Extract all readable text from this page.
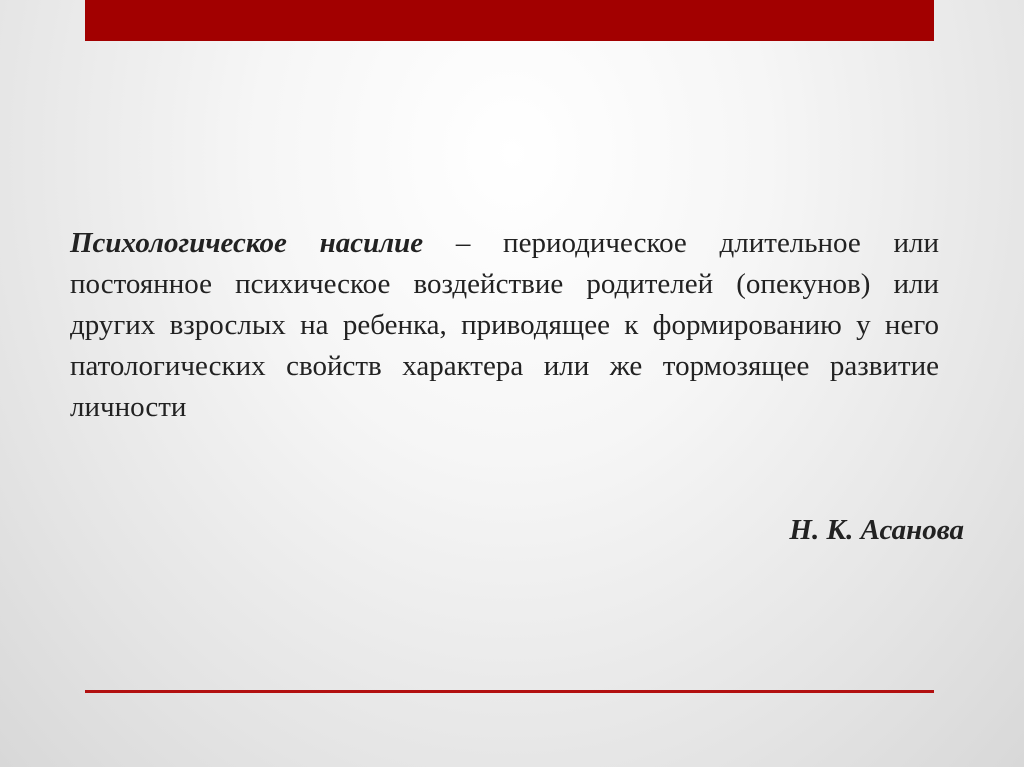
Психологическое насилие – периодическое длительное или постоянное психическое воздействие родителей (опекунов) или других взрослых на ребенка, приводящее к формированию у него патологических свойств характера или же тормозящее развитие личности

Н. К. Асанова
